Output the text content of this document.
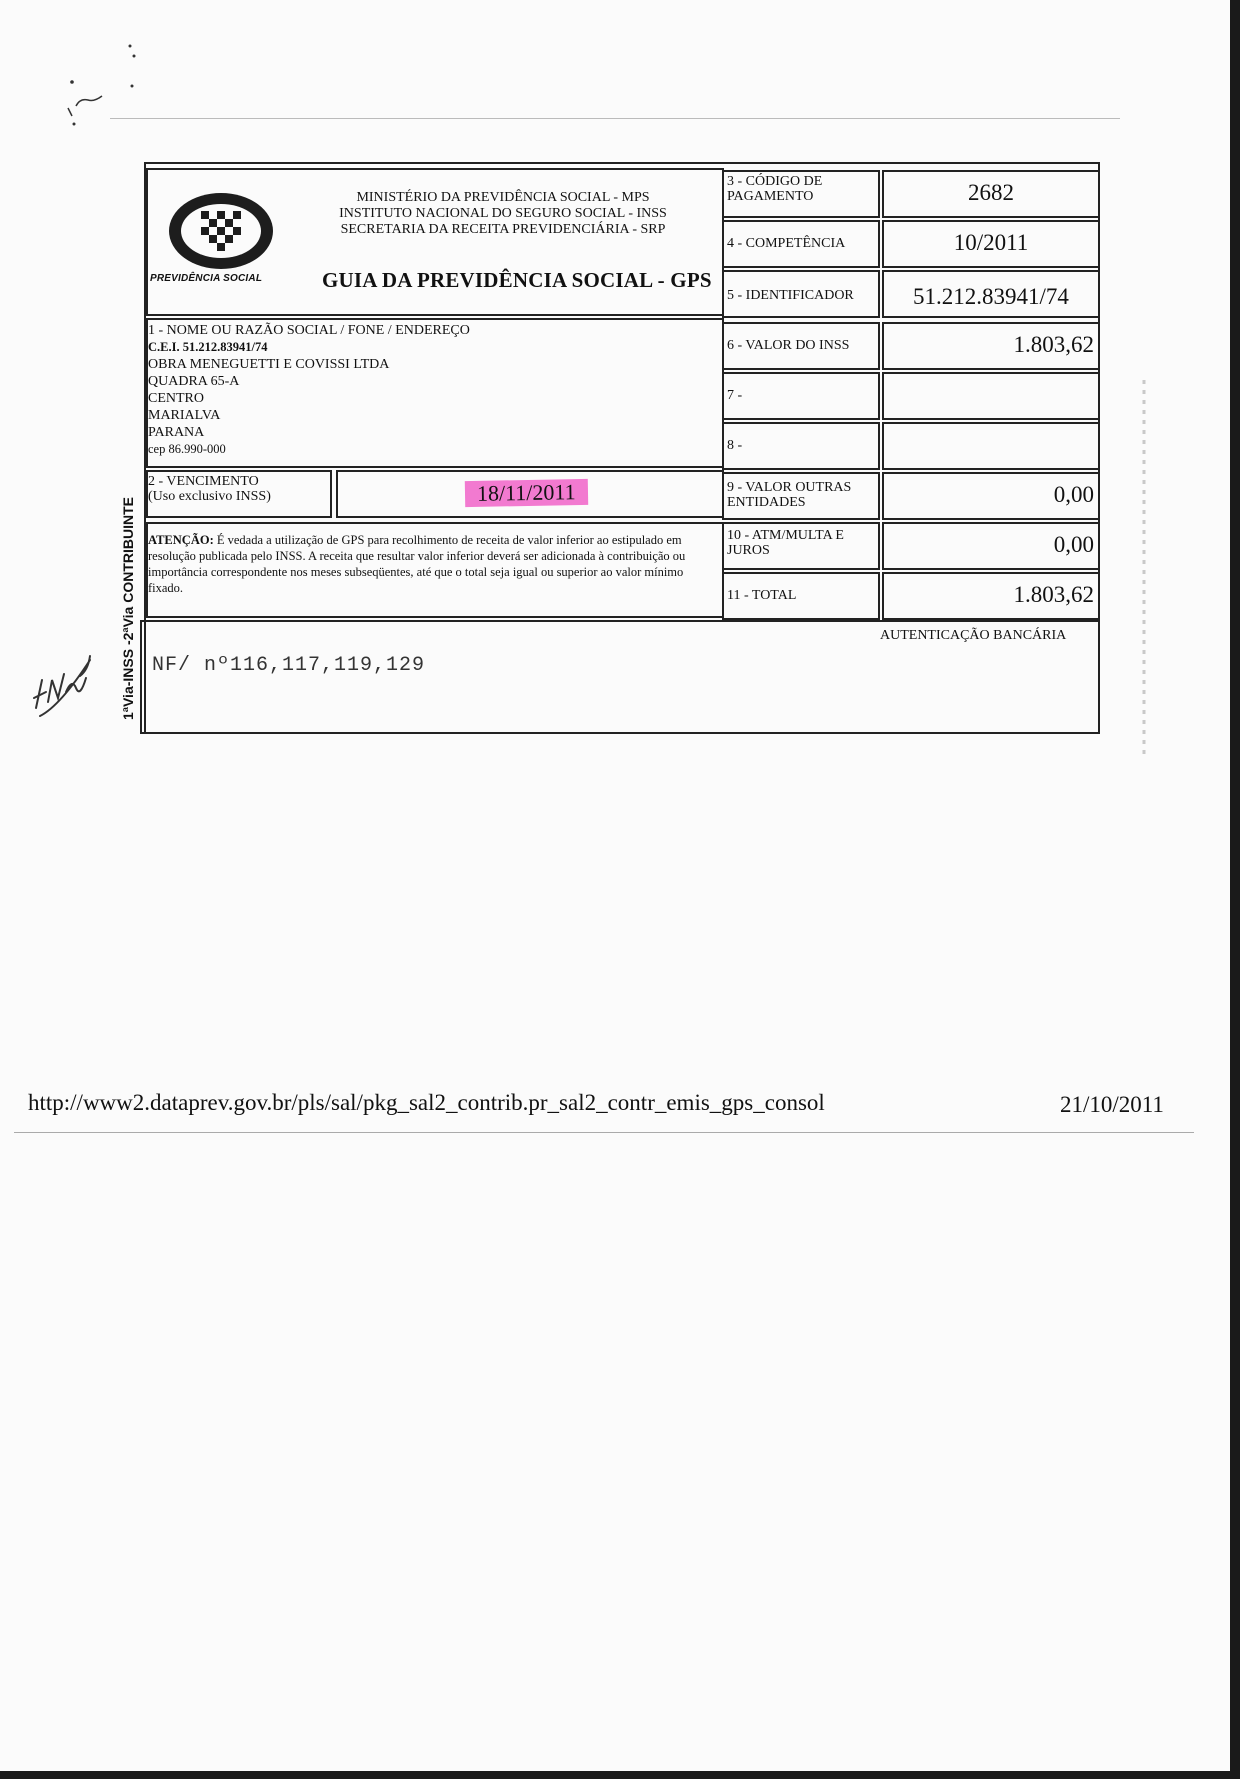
PREVIDÊNCIA SOCIAL
MINISTÉRIO DA PREVIDÊNCIA SOCIAL - MPS
INSTITUTO NACIONAL DO SEGURO SOCIAL - INSS
SECRETARIA DA RECEITA PREVIDENCIÁRIA - SRP
GUIA DA PREVIDÊNCIA SOCIAL - GPS
3 - CÓDIGO DE PAGAMENTO	2682
4 - COMPETÊNCIA	10/2011
5 - IDENTIFICADOR	51.212.83941/74
6 - VALOR DO INSS	1.803,62
7 -
8 -
9 - VALOR OUTRAS ENTIDADES	0,00
10 - ATM/MULTA E JUROS	0,00
11 - TOTAL	1.803,62
1 - NOME OU RAZÃO SOCIAL / FONE / ENDEREÇO
C.E.I. 51.212.83941/74
OBRA MENEGUETTI E COVISSI LTDA
QUADRA 65-A
CENTRO
MARIALVA
PARANA
cep 86.990-000
2 - VENCIMENTO
(Uso exclusivo INSS)	18/11/2011
ATENÇÃO: É vedada a utilização de GPS para recolhimento de receita de valor inferior ao estipulado em resolução publicada pelo INSS. A receita que resultar valor inferior deverá ser adicionada à contribuição ou importância correspondente nos meses subseqüentes, até que o total seja igual ou superior ao valor mínimo fixado.
AUTENTICAÇÃO BANCÁRIA
NF/ nº116,117,119,129
1ªVia-INSS -2ªVia CONTRIBUINTE
http://www2.dataprev.gov.br/pls/sal/pkg_sal2_contrib.pr_sal2_contr_emis_gps_consol	21/10/2011
